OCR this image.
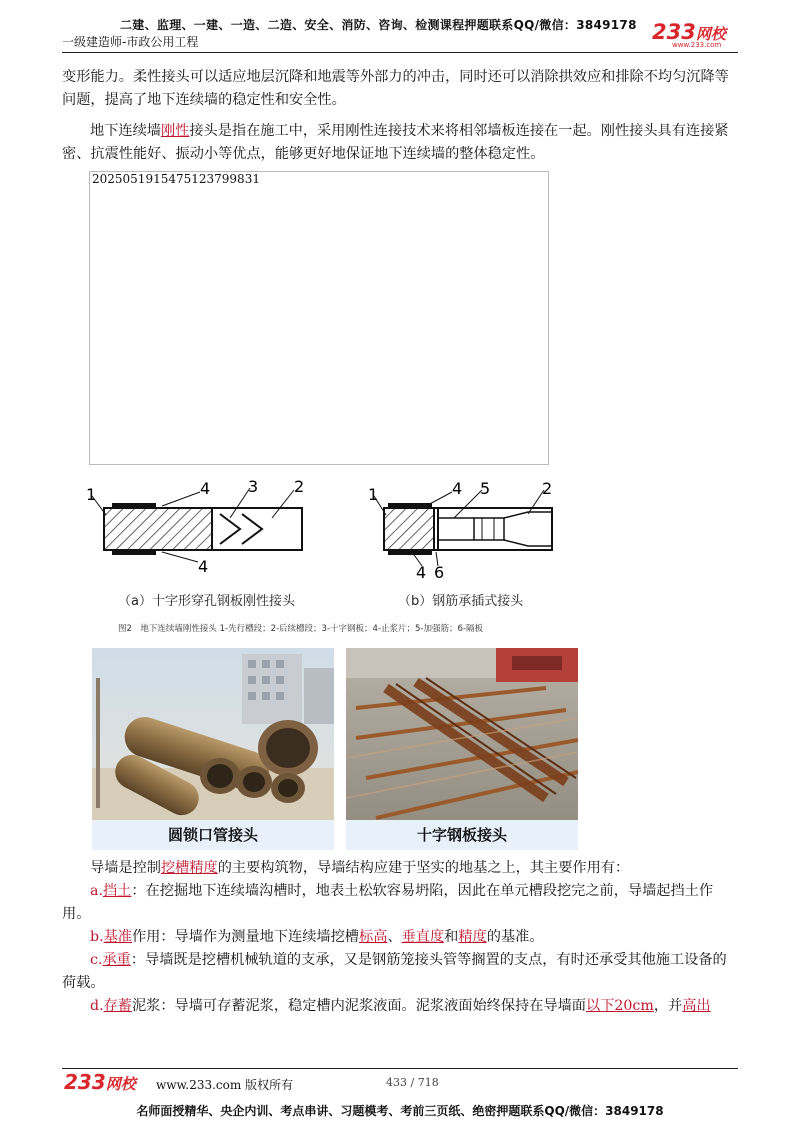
二建、监理、一建、一造、二造、安全、消防、咨询、检测课程押题联系QQ/微信：3849178
一级建造师-市政公用工程	233网校
www.233.com
变形能力。柔性接头可以适应地层沉降和地震等外部力的冲击，同时还可以消除拱效应和排除不均匀沉降等问题，提高了地下连续墙的稳定性和安全性。
地下连续墙刚性接头是指在施工中，采用刚性连接技术来将相邻墙板连接在一起。刚性接头具有连接紧密、抗震性能好、振动小等优点，能够更好地保证地下连续墙的整体稳定性。
2025051915475123799831
1	4 3 2
4
1	4 5	2
4 6
（a）十字形穿孔钢板刚性接头	（b）钢筋承插式接头
图2　地下连续墙刚性接头 1-先行槽段；2-后续槽段；3-十字钢板；4-止浆片；5-加强筋；6-隔板
圆锁口管接头	十字钢板接头
导墙是控制挖槽精度的主要构筑物，导墙结构应建于坚实的地基之上，其主要作用有：
a.挡土：在挖掘地下连续墙沟槽时，地表土松软容易坍陷，因此在单元槽段挖完之前，导墙起挡土作用。
b.基准作用：导墙作为测量地下连续墙挖槽标高、垂直度和精度的基准。
c.承重：导墙既是挖槽机械轨道的支承，又是钢筋笼接头管等搁置的支点，有时还承受其他施工设备的荷载。
d.存蓄泥浆：导墙可存蓄泥浆，稳定槽内泥浆液面。泥浆液面始终保持在导墙面以下20cm，并高出
233网校 www.233.com 版权所有	433 / 718
名师面授精华、央企内训、考点串讲、习题模考、考前三页纸、绝密押题联系QQ/微信：3849178
